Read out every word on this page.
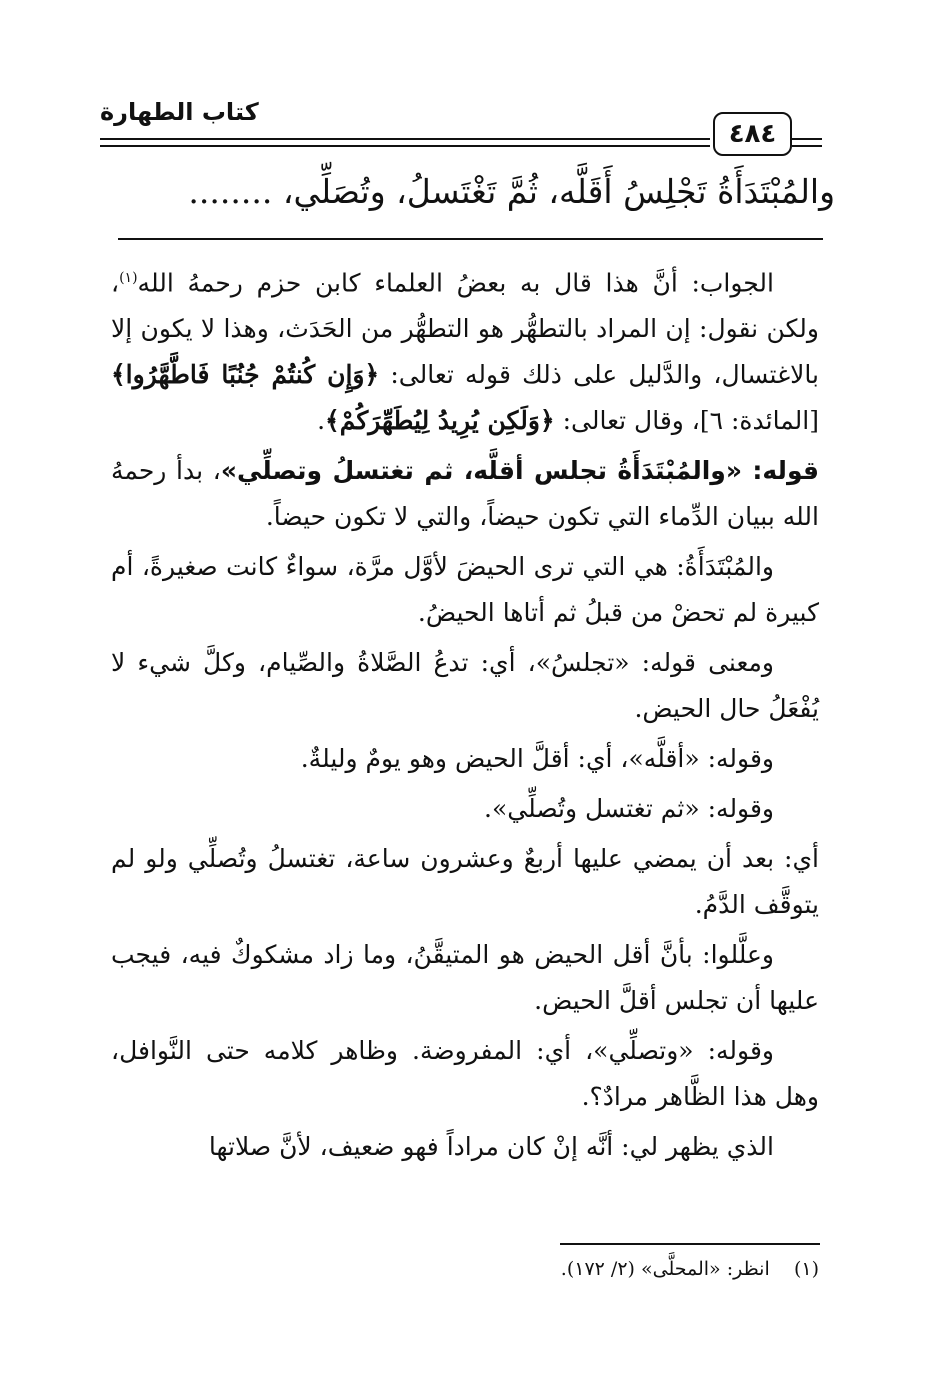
كتاب الطهارة
٤٨٤
والمُبْتَدَأَةُ تَجْلِسُ أَقَلَّه، ثُمَّ تَغْتَسلُ، وتُصَلِّي، ........

الجواب: أنَّ هذا قال به بعضُ العلماء كابن حزم رحمهُ الله$^{(١)}$، ولكن نقول: إن المراد بالتطهُّر هو التطهُّر من الحَدَث، وهذا لا يكون إلا بالاغتسال، والدَّليل على ذلك قوله تعالى: ﴿وَإِن كُنتُمْ جُنُبًا فَاطَّهَّرُوا﴾ [المائدة: ٦]، وقال تعالى: ﴿وَلَكِن يُرِيدُ لِيُطَهِّرَكُمْ﴾.

قوله: «والمُبْتَدَأَةُ تجلس أقلَّه، ثم تغتسلُ وتصلِّي»، بدأ رحمهُ الله ببيان الدِّماء التي تكون حيضاً، والتي لا تكون حيضاً.

والمُبْتَدَأَةُ: هي التي ترى الحيضَ لأوَّل مرَّة، سواءٌ كانت صغيرةً، أم كبيرة لم تحضْ من قبلُ ثم أتاها الحيضُ.

ومعنى قوله: «تجلسُ»، أي: تدعُ الصَّلاةُ والصِّيام، وكلَّ شيء لا يُفْعَلُ حال الحيض.

وقوله: «أقلَّه»، أي: أقلَّ الحيض وهو يومٌ وليلةٌ.

وقوله: «ثم تغتسل وتُصلِّي».

أي: بعد أن يمضي عليها أربعٌ وعشرون ساعة، تغتسلُ وتُصلِّي ولو لم يتوقَّف الدَّمُ.

وعلَّلوا: بأنَّ أقل الحيض هو المتيقَّنُ، وما زاد مشكوكٌ فيه، فيجب عليها أن تجلس أقلَّ الحيض.

وقوله: «وتصلِّي»، أي: المفروضة. وظاهر كلامه حتى النَّوافل، وهل هذا الظَّاهر مرادٌ؟.

الذي يظهر لي: أنَّه إنْ كان مراداً فهو ضعيف، لأنَّ صلاتها

(١)    انظر: «المحلَّى» (٢/ ١٧٢).
